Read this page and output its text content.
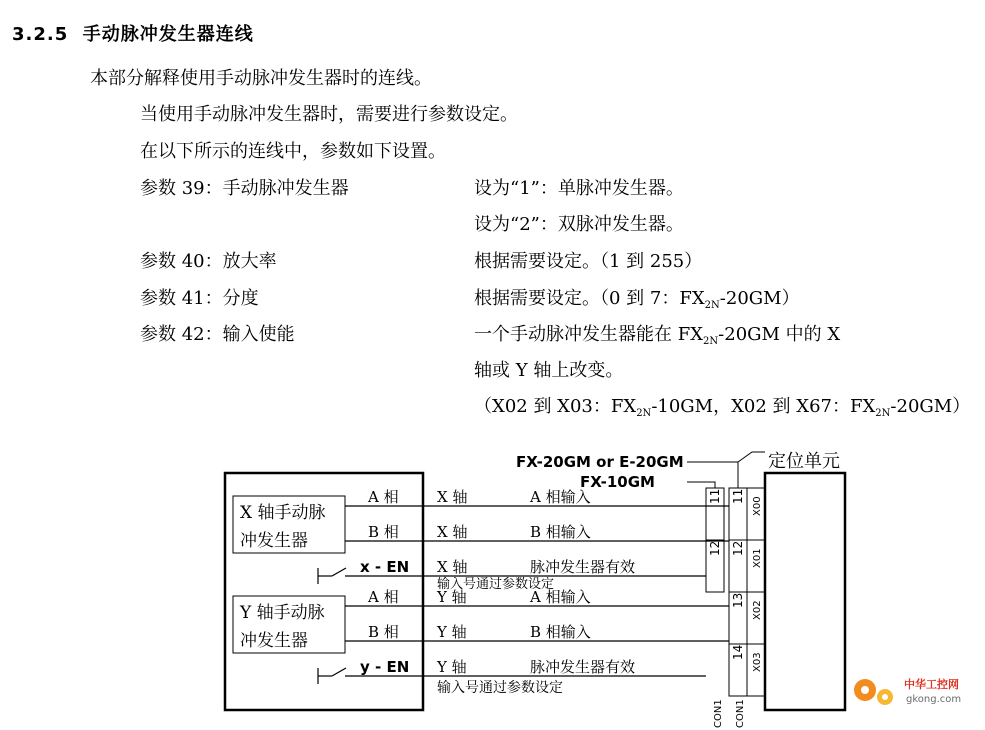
3.2.5 手动脉冲发生器连线
本部分解释使用手动脉冲发生器时的连线。
当使用手动脉冲发生器时，需要进行参数设定。
在以下所示的连线中，参数如下设置。
参数 39：手动脉冲发生器	设为“1”：单脉冲发生器。
设为“2”：双脉冲发生器。
参数 40：放大率	根据需要设定。（1 到 255）
参数 41：分度	根据需要设定。（0 到 7：$FX_{2N}-20GM$）
参数 42：输入使能	一个手动脉冲发生器能在 $FX_{2N}-20GM$ 中的 X
轴或 Y 轴上改变。
（X02 到 X03：$FX_{2N}-10GM$，X02 到 X67：$FX_{2N}-20GM$）
FX-20GM or E-20GM
FX-10GM
定位单元
X 轴手动脉
冲发生器
Y 轴手动脉
冲发生器
A 相
B 相
x - EN
A 相
B 相
y - EN
X 轴
X 轴
X 轴
Y 轴
Y 轴
Y 轴
A 相输入
B 相输入
脉冲发生器有效
A 相输入
B 相输入
脉冲发生器有效
输入号通过参数设定
输入号通过参数设定
11
12
11
12
13
14
X00
X01
X02
X03
CON1 CON1
中华工控网
gkong.com
